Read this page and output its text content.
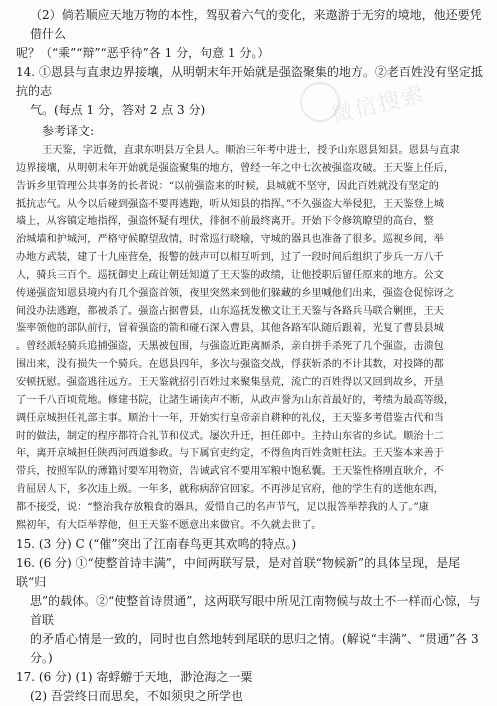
微信搜索

（2）倘若顺应天地万物的本性，驾驭着六气的变化，来遨游于无穷的境地，他还要凭借什么

呢？（“乘”“辩”“恶乎待”各 1 分，句意 1 分。）

14. ①恩县与直隶边界接壤，从明朝末年开始就是强盗聚集的地方。②老百姓没有坚定抵抗的志

气。(每点 1 分，答对 2 点 3 分)

参考译文:

王天鉴，字近微，直隶东明县万全县人。顺治三年考中进士，授予山东恩县知县。恩县与直隶

边界接壤，从明朝末年开始就是强盗聚集的地方，曾经一年之中七次被强盗攻破。王天鉴上任后，

告诉乡里管理公共事务的长者说：“以前强盗来的时候，县城就不坚守，因此百姓就没有坚定的

抵抗志气。从今以后碰到强盗不要再逃跑，听从知县的指挥。”不久强盗大举侵犯，王天鉴登上城

墙上，从容镇定地指挥，强盗怀疑有埋伏，徘徊不前最终离开。开始下令修筑瞭望的高台，整

治城墙和护城河，严格守候瞭望敌情，时常巡行晓喻，守城的器具也准备了很多。巡视乡间，举

办地方武装，建了十九座营垒，报警的鼓声可以相互听到，过了一段时间后组织了步兵一万八千

人，骑兵三百个。巡抚御史上疏让朝廷知道了王天鉴的政绩，让他授职后留任原来的地方。公文

传递强盗知恩县境内有几个强盗首领，夜里突然来到他们躲藏的乡里喊他们出来，强盗仓促惊讶之

间没办法逃跑，都被杀了。强盗占据曹县，山东巡抚发檄文让王天鉴与各路兵马联合剿匪，王天

鉴率领他的部队前行，冒着强盗的箭和碰石深入曹县，其他各路军队随后跟着，光复了曹县县城

。曾经派轻骑兵追捕强盗，天黑被包围，与强盗近距离厮杀，亲自拼手杀死了几个强盗，击溃包

围出来，没有损失一个骑兵。在恩县四年，多次与强盗交战，俘获斩杀的不计其数，对投降的都

安顿抚慰。强盗逃往远方。王天鉴就招引百姓过来聚集垦荒，流亡的百姓得以又回到故乡，开垦

了一千八百顷荒地。修建书院，让諸生诵读声不断，从政声誉为山东首最好的，考绩为最高等级，

调任京城担任礼部主事。顺治十一年，开始实行皇帝亲自耕种的礼仪，王天鉴多考借鉴古代和当

时的做法，制定的程序都符合礼节和仪式。屡次升迁，担任郎中。主持山东省的乡试。顺治十二

年，离开京城担任陕西河西道参政。与下属官吏约定，不得鱼肉百姓贪赃枉法。王天鉴本来善于

带兵，按照军队的薄籍讨要军用物资，告诫武官不要用军粮中饱私囊。王天鉴性格刚直耿介，不

肯屈居人下，多次违上级。一年多，就称病辞官回家。不再涉足官府，他的学生有的送他东西，

都不接受，说：“整治我存放粮食的器具，爱惜自己的名声节气，足以报答举荐我的人了。”康

熙初年，有大臣举荐他，但王天鉴不愿意出来做官。不久就去世了。

15. (3 分) C (“催”突出了江南春鸟更其欢鸣的特点。)

16. (6 分) ①“使整首诗丰满”，中间两联写景，是对首联“物候新”的具体呈现，是尾联“归

思”的载体。②“使整首诗贯通”，这两联写眼中所见江南物候与故土不一样而心惊，与首联

的矛盾心情是一致的，同时也自然地转到尾联的思归之情。(解说“丰满”、“贯通”各 3

分。)

17. (6 分) (1) 寄蜉蝣于天地，渺沧海之一粟

(2) 吾尝终日而思矣，不如须臾之所学也
